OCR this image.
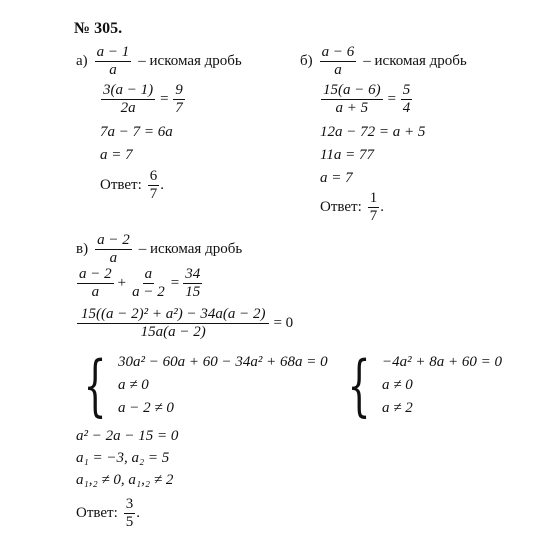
№ 305.
$а) \frac{a - 1}{a}$ – искомая дробь
$\frac{3(a - 1)}{2a} = \frac{9}{7}$
7a − 7 = 6a
a = 7
Ответ: $\frac{6}{7}$ .
$б) \frac{a - 6}{a}$ – искомая дробь
$\frac{15(a - 6)}{a + 5} = \frac{5}{4}$
12a − 72 = a + 5
11a = 77
a = 7
Ответ: $\frac{1}{7}$ .
$в) \frac{a - 2}{a}$ – искомая дробь
$\frac{a - 2}{a} + \frac{a}{a - 2} = \frac{34}{15}$
$\frac{\text{15((a − 2)² + a²) − 34a(a − 2)}}{15a(a - 2)} = 0$
{ 30a² − 60a + 60 − 34a² + 68a = 0
a ≠ 0
a − 2 ≠ 0	{ −4a² + 8a + 60 = 0
a ≠ 0
a ≠ 2
a² − 2a − 15 = 0
a₁ = −3, a₂ = 5
a₁,₂ ≠ 0, a₁,₂ ≠ 2
Ответ: $\frac{3}{5}$ .
